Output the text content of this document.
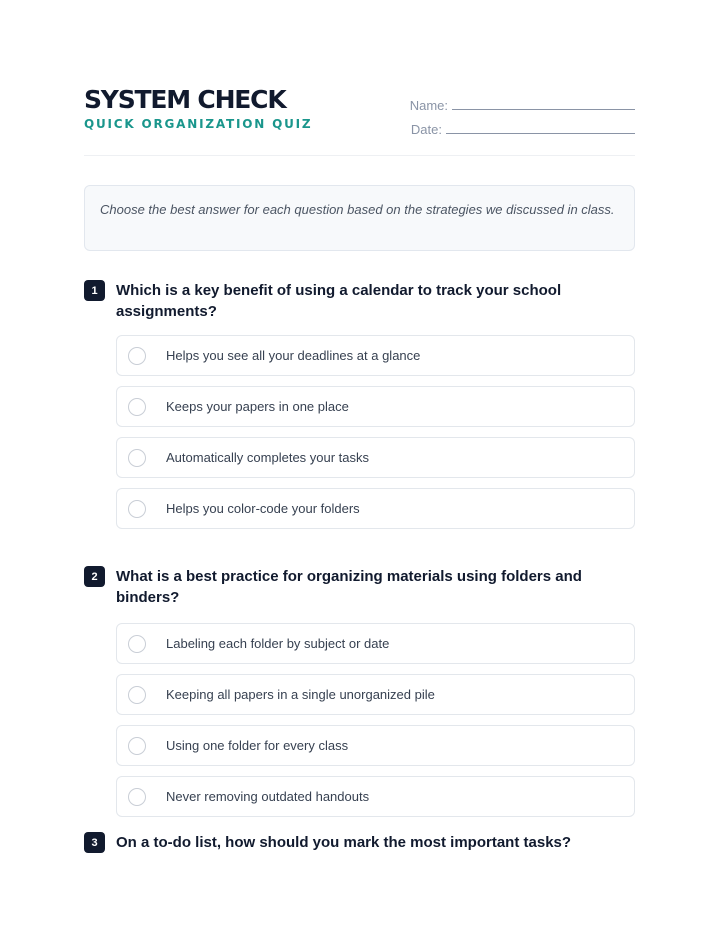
SYSTEM CHECK
QUICK ORGANIZATION QUIZ
Name:
Date:

Choose the best answer for each question based on the strategies we discussed in class.

1	Which is a key benefit of using a calendar to track your school assignments?
Helps you see all your deadlines at a glance
Keeps your papers in one place
Automatically completes your tasks
Helps you color-code your folders
2	What is a best practice for organizing materials using folders and binders?
Labeling each folder by subject or date
Keeping all papers in a single unorganized pile
Using one folder for every class
Never removing outdated handouts
3	On a to-do list, how should you mark the most important tasks?
